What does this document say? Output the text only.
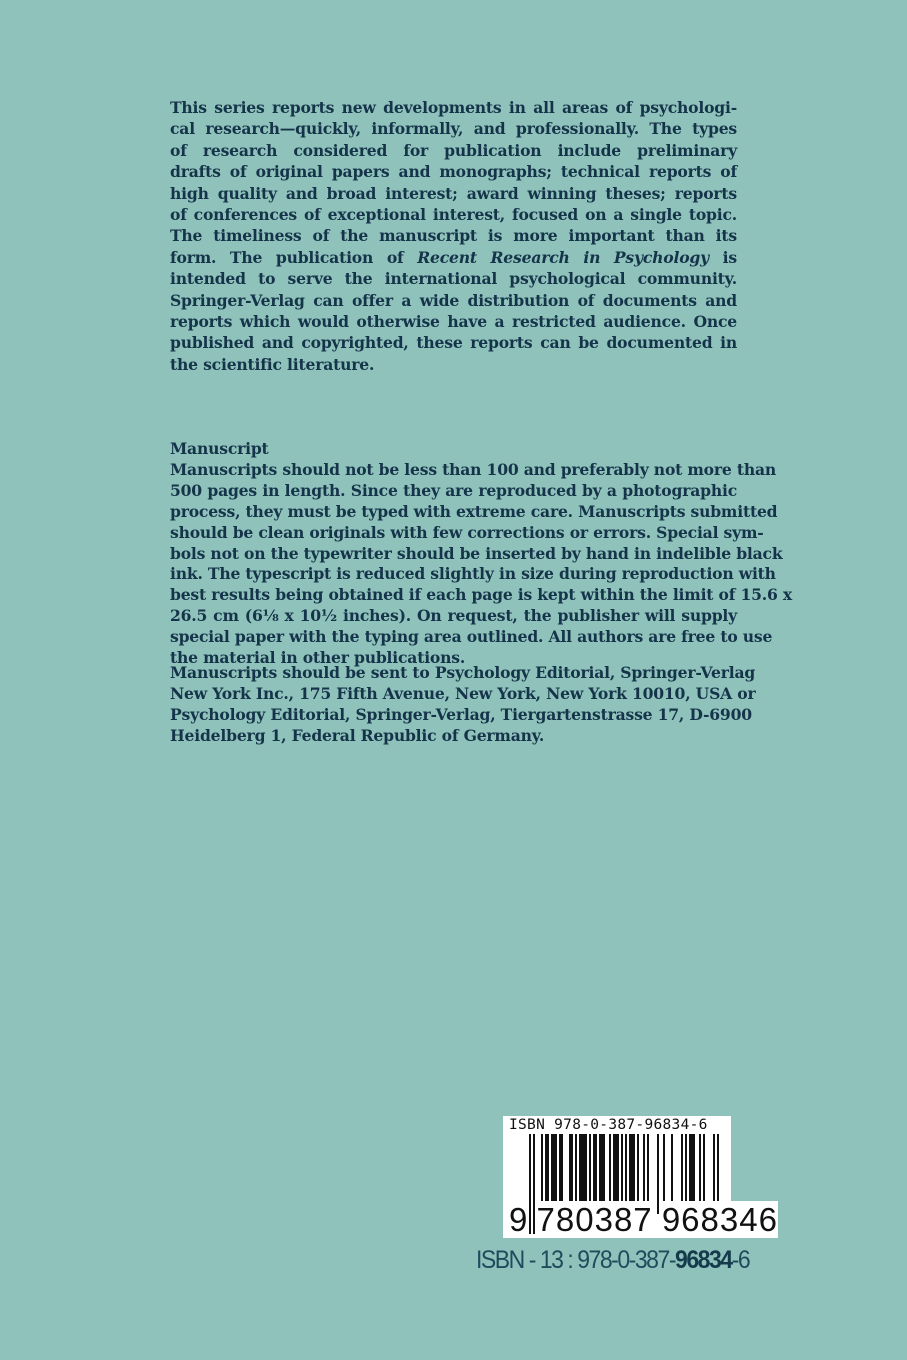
This series reports new developments in all areas of psychologi-
cal research—quickly, informally, and professionally. The types
of research considered for publication include preliminary
drafts of original papers and monographs; technical reports of
high quality and broad interest; award winning theses; reports
of conferences of exceptional interest, focused on a single topic.
The timeliness of the manuscript is more important than its
form. The publication of Recent Research in Psychology is
intended to serve the international psychological community.
Springer-Verlag can offer a wide distribution of documents and
reports which would otherwise have a restricted audience. Once
published and copyrighted, these reports can be documented in
the scientific literature.
Manuscript
Manuscripts should not be less than 100 and preferably not more than
500 pages in length. Since they are reproduced by a photographic
process, they must be typed with extreme care. Manuscripts submitted
should be clean originals with few corrections or errors. Special sym-
bols not on the typewriter should be inserted by hand in indelible black
ink. The typescript is reduced slightly in size during reproduction with
best results being obtained if each page is kept within the limit of 15.6 x
26.5 cm (6⅛ x 10½ inches). On request, the publisher will supply
special paper with the typing area outlined. All authors are free to use
the material in other publications.
Manuscripts should be sent to Psychology Editorial, Springer-Verlag
New York Inc., 175 Fifth Avenue, New York, New York 10010, USA or
Psychology Editorial, Springer-Verlag, Tiergartenstrasse 17, D-6900
Heidelberg 1, Federal Republic of Germany.
ISBN 978-0-387-96834-6
9 780387 968346
ISBN - 13 : 978-0-387-96834-6
